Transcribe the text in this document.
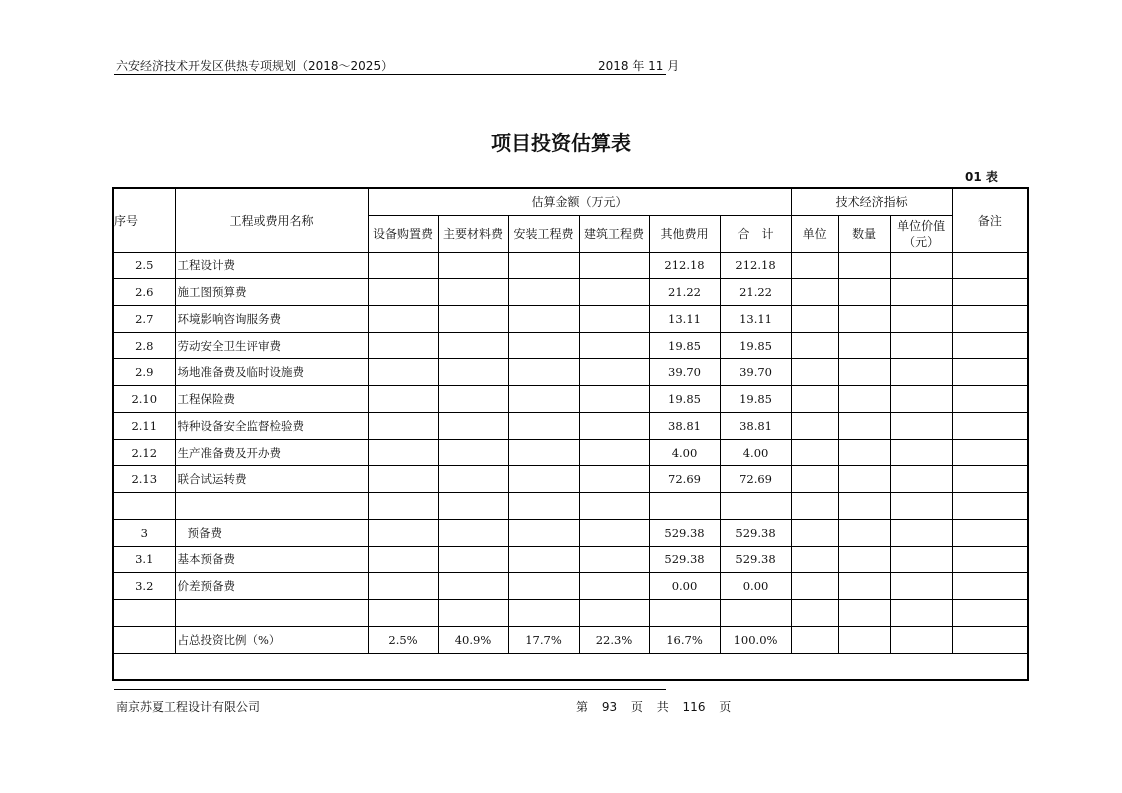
六安经济技术开发区供热专项规划（2018～2025）	2018 年 11 月
项目投资估算表
01 表
序号	工程或费用名称	估算金额（万元）						技术经济指标			备注
		设备购置费	主要材料费	安装工程费	建筑工程费	其他费用	合　计	单位	数量	单位价值（元）	
2.5	工程设计费					212.18	212.18				
2.6	施工图预算费					21.22	21.22				
2.7	环境影响咨询服务费					13.11	13.11				
2.8	劳动安全卫生评审费					19.85	19.85				
2.9	场地准备费及临时设施费					39.70	39.70				
2.10	工程保险费					19.85	19.85				
2.11	特种设备安全监督检验费					38.81	38.81				
2.12	生产准备费及开办费					4.00	4.00				
2.13	联合试运转费					72.69	72.69				

3	预备费					529.38	529.38				
3.1	基本预备费					529.38	529.38				
3.2	价差预备费					0.00	0.00				

	占总投资比例（%）	2.5%	40.9%	17.7%	22.3%	16.7%	100.0%				

南京苏夏工程设计有限公司	第 93 页 共 116 页
